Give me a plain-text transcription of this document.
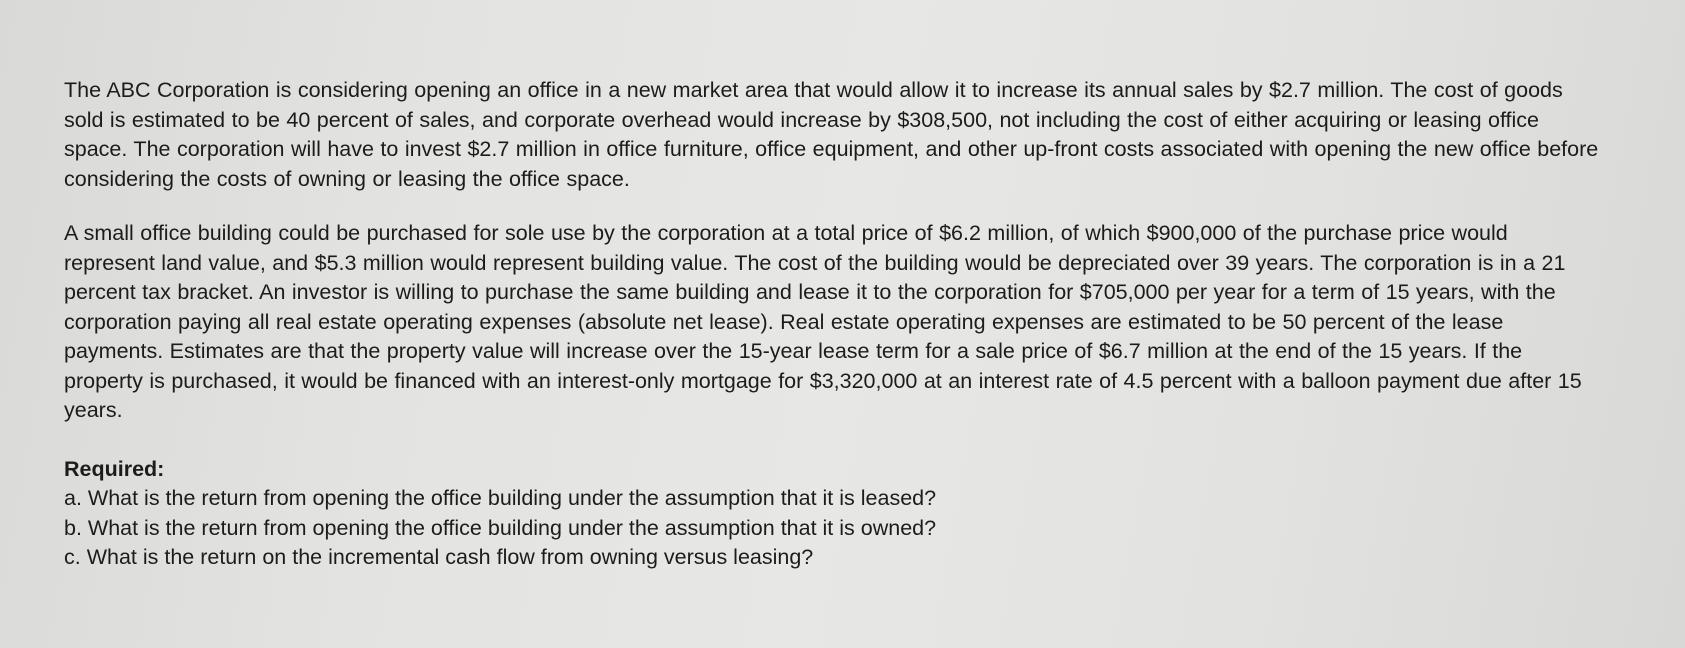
The ABC Corporation is considering opening an office in a new market area that would allow it to increase its annual sales by $2.7 million. The cost of goods sold is estimated to be 40 percent of sales, and corporate overhead would increase by $308,500, not including the cost of either acquiring or leasing office space. The corporation will have to invest $2.7 million in office furniture, office equipment, and other up-front costs associated with opening the new office before considering the costs of owning or leasing the office space.

A small office building could be purchased for sole use by the corporation at a total price of $6.2 million, of which $900,000 of the purchase price would represent land value, and $5.3 million would represent building value. The cost of the building would be depreciated over 39 years. The corporation is in a 21 percent tax bracket. An investor is willing to purchase the same building and lease it to the corporation for $705,000 per year for a term of 15 years, with the corporation paying all real estate operating expenses (absolute net lease). Real estate operating expenses are estimated to be 50 percent of the lease payments. Estimates are that the property value will increase over the 15-year lease term for a sale price of $6.7 million at the end of the 15 years. If the property is purchased, it would be financed with an interest-only mortgage for $3,320,000 at an interest rate of 4.5 percent with a balloon payment due after 15 years.

Required:

a. What is the return from opening the office building under the assumption that it is leased?
b. What is the return from opening the office building under the assumption that it is owned?
c. What is the return on the incremental cash flow from owning versus leasing?
